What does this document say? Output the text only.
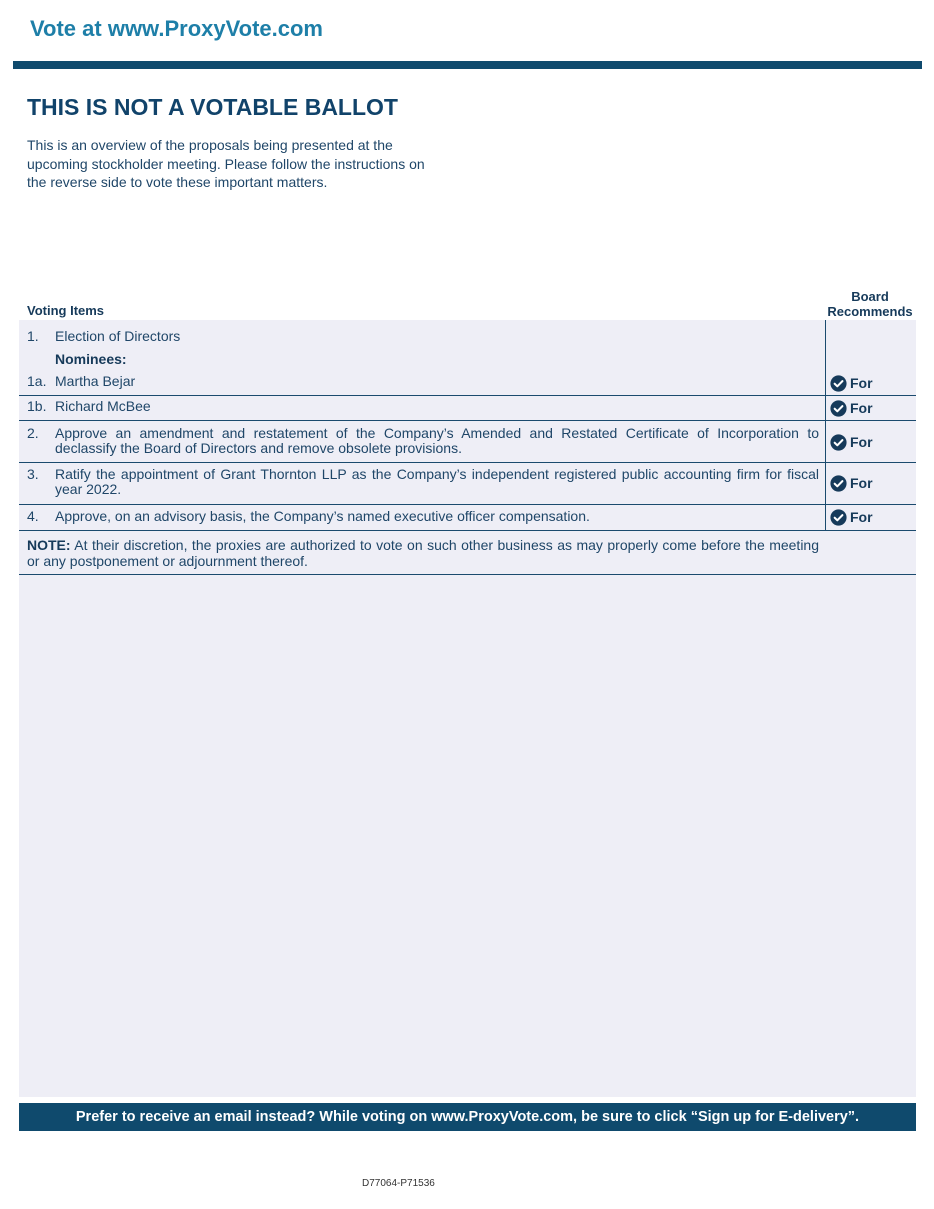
Vote at www.ProxyVote.com
THIS IS NOT A VOTABLE BALLOT
This is an overview of the proposals being presented at the
upcoming stockholder meeting. Please follow the instructions on
the reverse side to vote these important matters.
Voting Items
Board
Recommends
1. Election of Directors
Nominees:
1a. Martha Bejar	For
1b. Richard McBee	For
2. Approve an amendment and restatement of the Company’s Amended and Restated Certificate of Incorporation to declassify the Board of Directors and remove obsolete provisions.	For
3. Ratify the appointment of Grant Thornton LLP as the Company’s independent registered public accounting firm for fiscal year 2022.	For
4. Approve, on an advisory basis, the Company’s named executive officer compensation.	For
NOTE: At their discretion, the proxies are authorized to vote on such other business as may properly come before the meeting or any postponement or adjournment thereof.
Prefer to receive an email instead? While voting on www.ProxyVote.com, be sure to click “Sign up for E-delivery”.
D77064-P71536
